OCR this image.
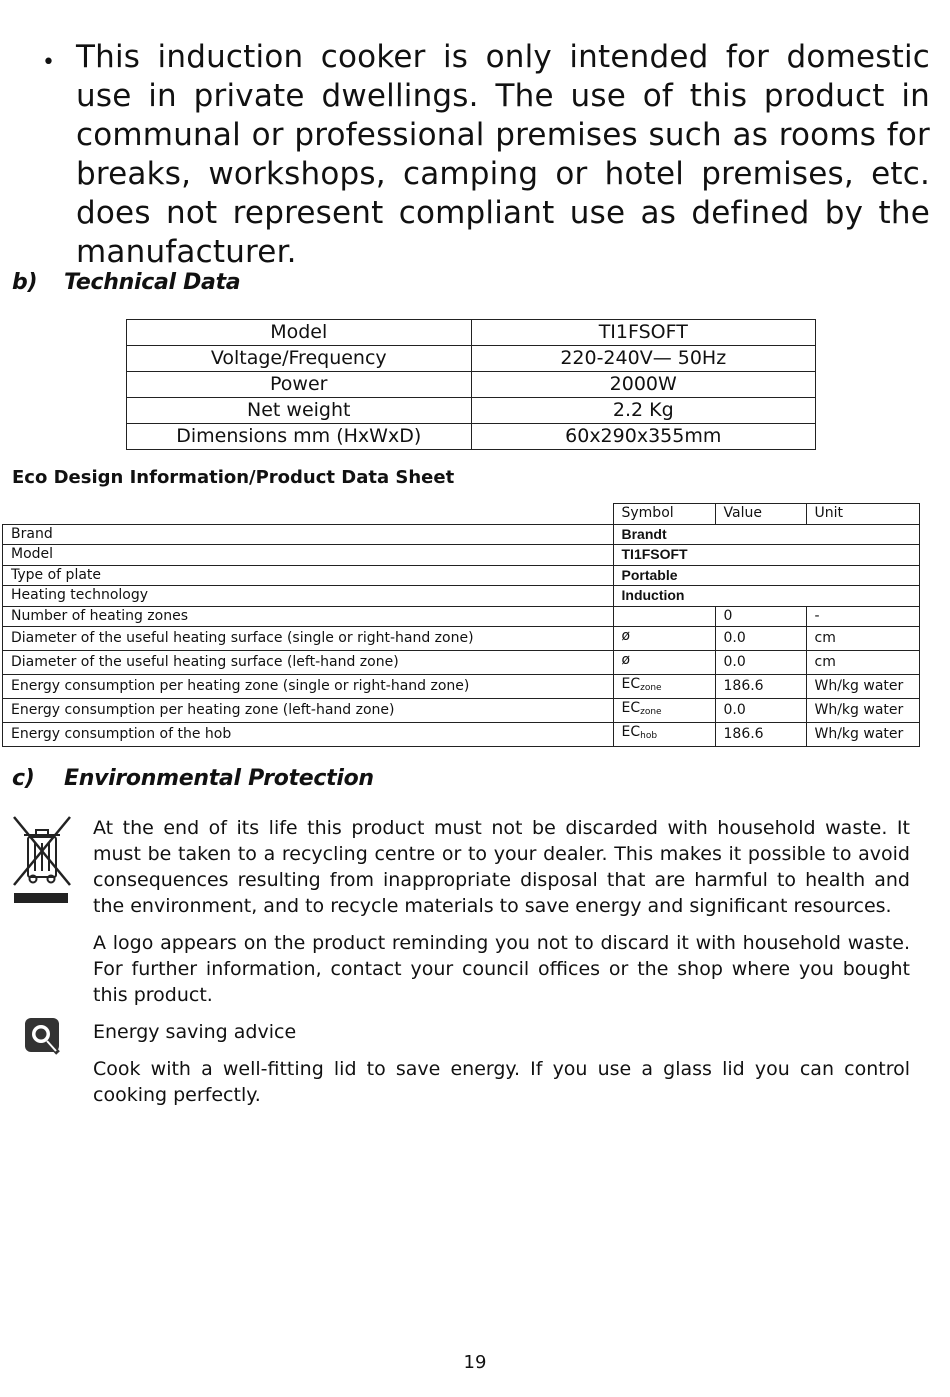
• This induction cooker is only intended for domestic use in private dwellings. The use of this product in communal or professional premises such as rooms for breaks, workshops, camping or hotel premises, etc. does not represent compliant use as defined by the manufacturer.
b) Technical Data
Model	TI1FSOFT
Voltage/Frequency	220-240V— 50Hz
Power	2000W
Net weight	2.2 Kg
Dimensions mm (HxWxD)	60x290x355mm
Eco Design Information/Product Data Sheet
	Symbol	Value	Unit
Brand	Brandt		
Model	TI1FSOFT		
Type of plate	Portable		
Heating technology	Induction		
Number of heating zones		0	-
Diameter of the useful heating surface (single or right-hand zone)	ø	0.0	cm
Diameter of the useful heating surface (left-hand zone)	ø	0.0	cm
Energy consumption per heating zone (single or right-hand zone)	$EC_{zone}$	186.6	Wh/kg water
Energy consumption per heating zone (left-hand zone)	$EC_{zone}$	0.0	Wh/kg water
Energy consumption of the hob	$EC_{hob}$	186.6	Wh/kg water
c) Environmental Protection
At the end of its life this product must not be discarded with household waste. It must be taken to a recycling centre or to your dealer. This makes it possible to avoid consequences resulting from inappropriate disposal that are harmful to health and the environment, and to recycle materials to save energy and significant resources.
A logo appears on the product reminding you not to discard it with household waste. For further information, contact your council offices or the shop where you bought this product.
Energy saving advice
Cook with a well-fitting lid to save energy. If you use a glass lid you can control cooking perfectly.
19
